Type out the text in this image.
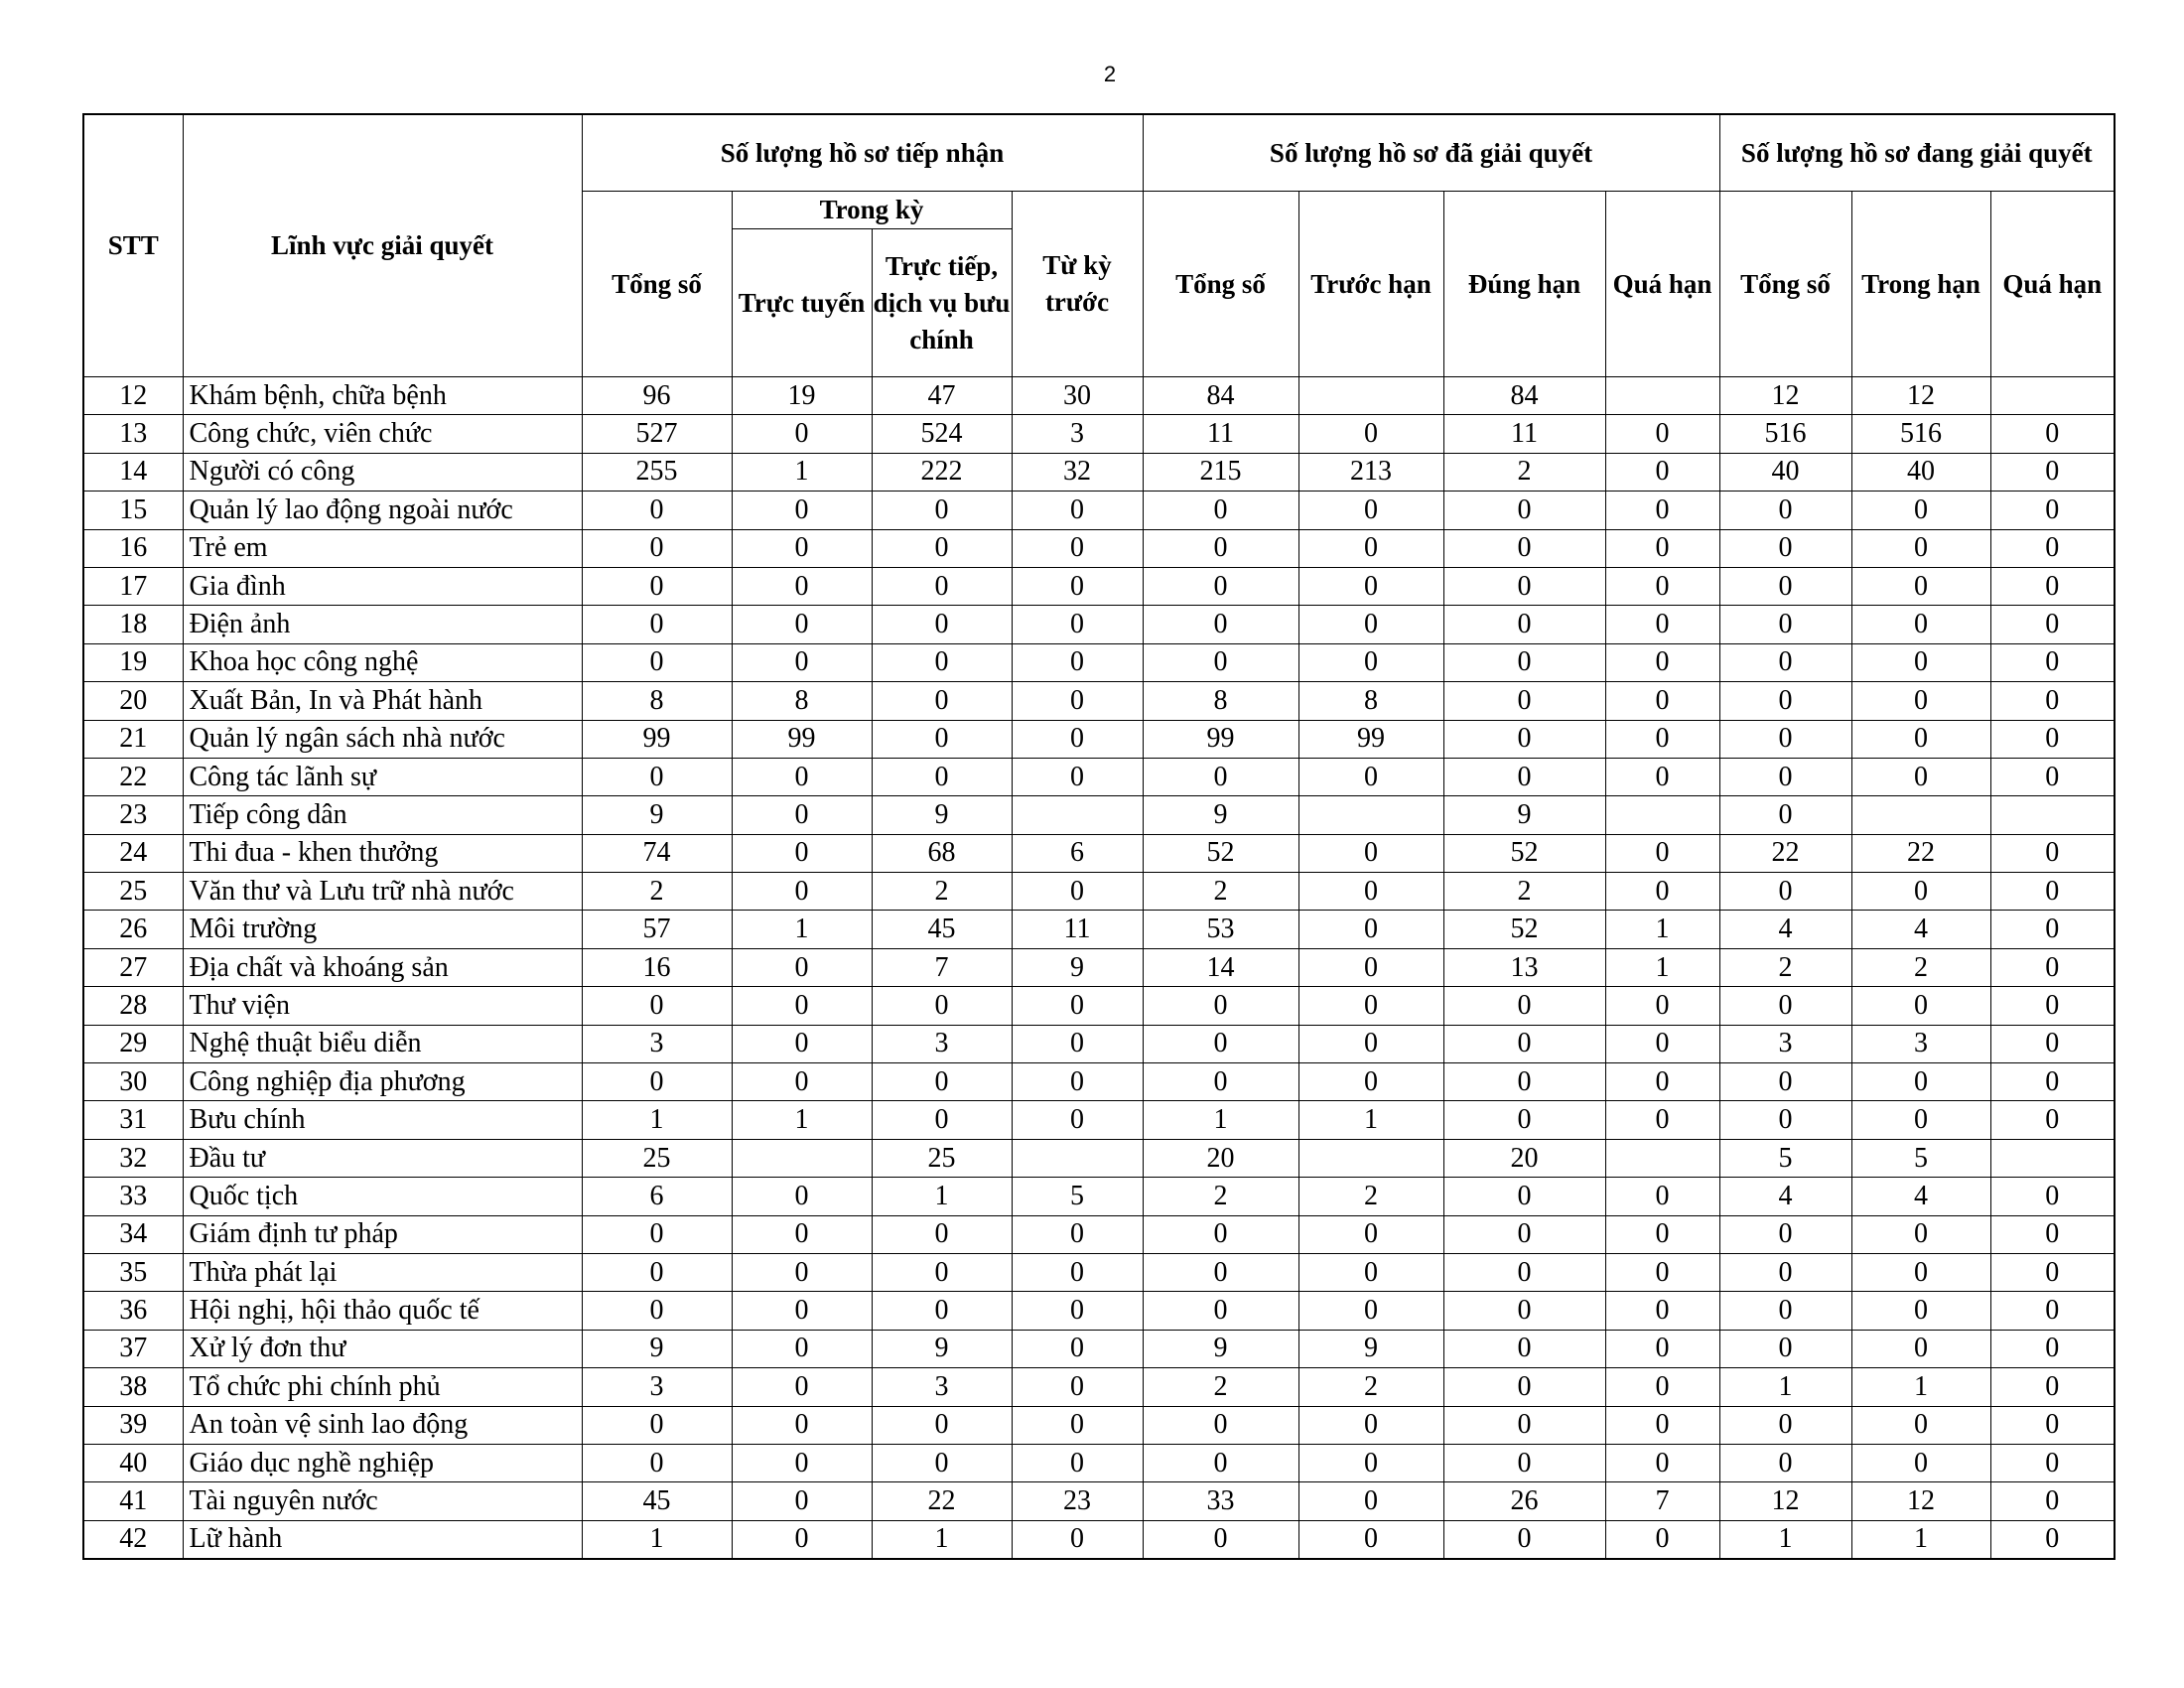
2
STT	Lĩnh vực giải quyết	Số lượng hồ sơ tiếp nhận				Số lượng hồ sơ đã giải quyết				Số lượng hồ sơ đang giải quyết		
		Tổng số	Trong kỳ		Từ kỳ trước	Tổng số	Trước hạn	Đúng hạn	Quá hạn	Tổng số	Trong hạn	Quá hạn
			Trực tuyến	Trực tiếp, dịch vụ bưu chính								
12	Khám bệnh, chữa bệnh	96	19	47	30	84		84		12	12	
13	Công chức, viên chức	527	0	524	3	11	0	11	0	516	516	0
14	Người có công	255	1	222	32	215	213	2	0	40	40	0
15	Quản lý lao động ngoài nước	0	0	0	0	0	0	0	0	0	0	0
16	Trẻ em	0	0	0	0	0	0	0	0	0	0	0
17	Gia đình	0	0	0	0	0	0	0	0	0	0	0
18	Điện ảnh	0	0	0	0	0	0	0	0	0	0	0
19	Khoa học công nghệ	0	0	0	0	0	0	0	0	0	0	0
20	Xuất Bản, In và Phát hành	8	8	0	0	8	8	0	0	0	0	0
21	Quản lý ngân sách nhà nước	99	99	0	0	99	99	0	0	0	0	0
22	Công tác lãnh sự	0	0	0	0	0	0	0	0	0	0	0
23	Tiếp công dân	9	0	9		9		9		0		
24	Thi đua - khen thưởng	74	0	68	6	52	0	52	0	22	22	0
25	Văn thư và Lưu trữ nhà nước	2	0	2	0	2	0	2	0	0	0	0
26	Môi trường	57	1	45	11	53	0	52	1	4	4	0
27	Địa chất và khoáng sản	16	0	7	9	14	0	13	1	2	2	0
28	Thư viện	0	0	0	0	0	0	0	0	0	0	0
29	Nghệ thuật biểu diễn	3	0	3	0	0	0	0	0	3	3	0
30	Công nghiệp địa phương	0	0	0	0	0	0	0	0	0	0	0
31	Bưu chính	1	1	0	0	1	1	0	0	0	0	0
32	Đầu tư	25		25		20		20		5	5	
33	Quốc tịch	6	0	1	5	2	2	0	0	4	4	0
34	Giám định tư pháp	0	0	0	0	0	0	0	0	0	0	0
35	Thừa phát lại	0	0	0	0	0	0	0	0	0	0	0
36	Hội nghị, hội thảo quốc tế	0	0	0	0	0	0	0	0	0	0	0
37	Xử lý đơn thư	9	0	9	0	9	9	0	0	0	0	0
38	Tổ chức phi chính phủ	3	0	3	0	2	2	0	0	1	1	0
39	An toàn vệ sinh lao động	0	0	0	0	0	0	0	0	0	0	0
40	Giáo dục nghề nghiệp	0	0	0	0	0	0	0	0	0	0	0
41	Tài nguyên nước	45	0	22	23	33	0	26	7	12	12	0
42	Lữ hành	1	0	1	0	0	0	0	0	1	1	0
